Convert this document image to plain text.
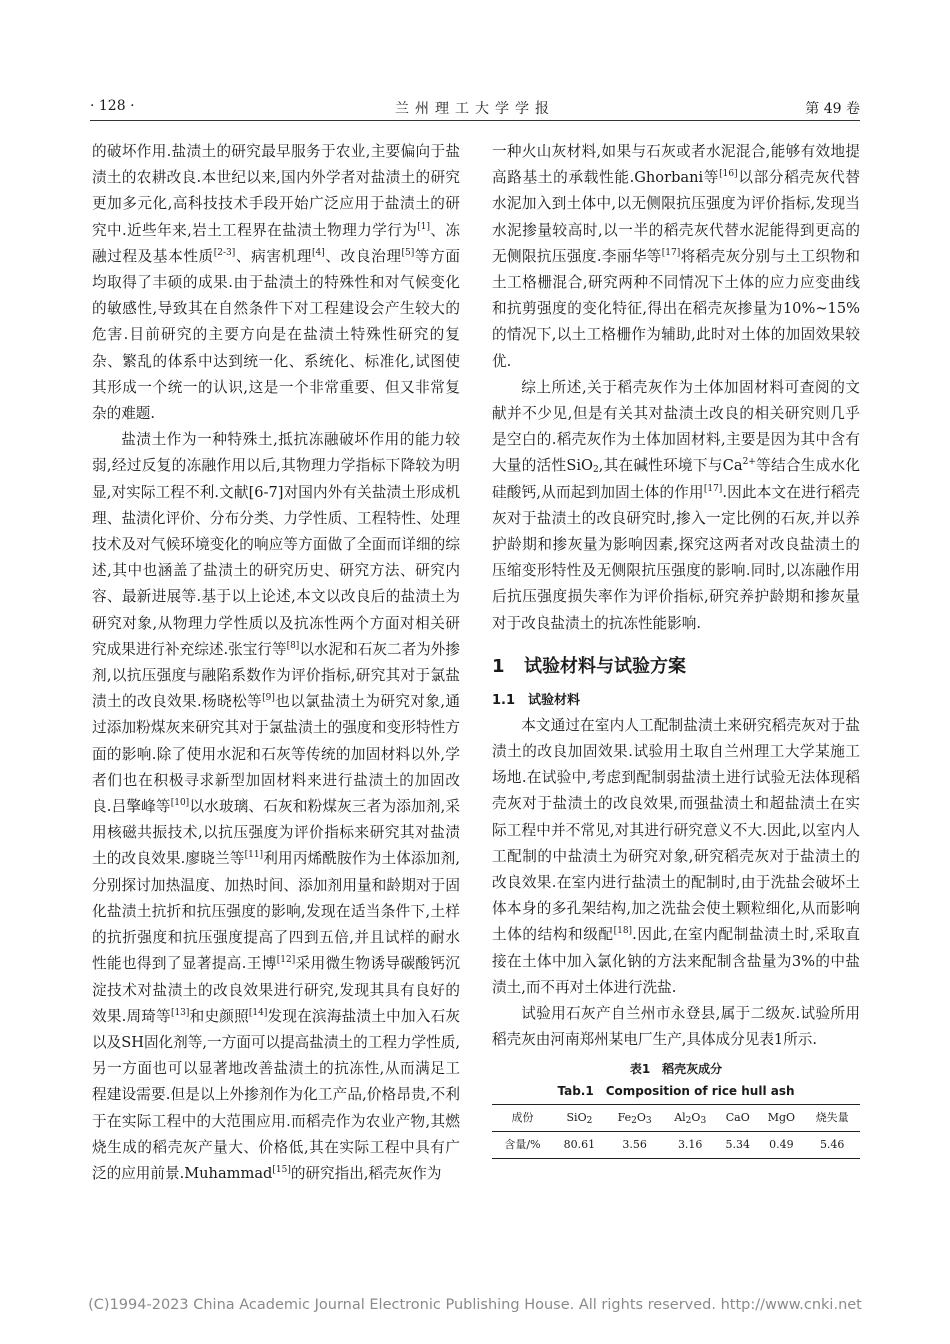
· 128 ·	兰州理工大学学报	第 49 卷

的破坏作用.盐渍土的研究最早服务于农业,主要偏向于盐渍土的农耕改良.本世纪以来,国内外学者对盐渍土的研究更加多元化,高科技技术手段开始广泛应用于盐渍土的研究中.近些年来,岩土工程界在盐渍土物理力学行为[1]、冻融过程及基本性质[2-3]、病害机理[4]、改良治理[5]等方面均取得了丰硕的成果.由于盐渍土的特殊性和对气候变化的敏感性,导致其在自然条件下对工程建设会产生较大的危害.目前研究的主要方向是在盐渍土特殊性研究的复杂、繁乱的体系中达到统一化、系统化、标准化,试图使其形成一个统一的认识,这是一个非常重要、但又非常复杂的难题.

盐渍土作为一种特殊土,抵抗冻融破坏作用的能力较弱,经过反复的冻融作用以后,其物理力学指标下降较为明显,对实际工程不利.文献[6-7]对国内外有关盐渍土形成机理、盐渍化评价、分布分类、力学性质、工程特性、处理技术及对气候环境变化的响应等方面做了全面而详细的综述,其中也涵盖了盐渍土的研究历史、研究方法、研究内容、最新进展等.基于以上论述,本文以改良后的盐渍土为研究对象,从物理力学性质以及抗冻性两个方面对相关研究成果进行补充综述.张宝行等[8]以水泥和石灰二者为外掺剂,以抗压强度与融陷系数作为评价指标,研究其对于氯盐渍土的改良效果.杨晓松等[9]也以氯盐渍土为研究对象,通过添加粉煤灰来研究其对于氯盐渍土的强度和变形特性方面的影响.除了使用水泥和石灰等传统的加固材料以外,学者们也在积极寻求新型加固材料来进行盐渍土的加固改良.吕擎峰等[10]以水玻璃、石灰和粉煤灰三者为添加剂,采用核磁共振技术,以抗压强度为评价指标来研究其对盐渍土的改良效果.廖晓兰等[11]利用丙烯酰胺作为土体添加剂,分别探讨加热温度、加热时间、添加剂用量和龄期对于固化盐渍土抗折和抗压强度的影响,发现在适当条件下,土样的抗折强度和抗压强度提高了四到五倍,并且试样的耐水性能也得到了显著提高.王博[12]采用微生物诱导碳酸钙沉淀技术对盐渍土的改良效果进行研究,发现其具有良好的效果.周琦等[13]和史颜照[14]发现在滨海盐渍土中加入石灰以及SH固化剂等,一方面可以提高盐渍土的工程力学性质,另一方面也可以显著地改善盐渍土的抗冻性,从而满足工程建设需要.但是以上外掺剂作为化工产品,价格昂贵,不利于在实际工程中的大范围应用.而稻壳作为农业产物,其燃烧生成的稻壳灰产量大、价格低,其在实际工程中具有广泛的应用前景.Muhammad[15]的研究指出,稻壳灰作为

一种火山灰材料,如果与石灰或者水泥混合,能够有效地提高路基土的承载性能.Ghorbani等[16]以部分稻壳灰代替水泥加入到土体中,以无侧限抗压强度为评价指标,发现当水泥掺量较高时,以一半的稻壳灰代替水泥能得到更高的无侧限抗压强度.李丽华等[17]将稻壳灰分别与土工织物和土工格栅混合,研究两种不同情况下土体的应力应变曲线和抗剪强度的变化特征,得出在稻壳灰掺量为10%~15%的情况下,以土工格栅作为辅助,此时对土体的加固效果较优.

综上所述,关于稻壳灰作为土体加固材料可查阅的文献并不少见,但是有关其对盐渍土改良的相关研究则几乎是空白的.稻壳灰作为土体加固材料,主要是因为其中含有大量的活性SiO$_2$,其在碱性环境下与$Ca^{2+}$等结合生成水化硅酸钙,从而起到加固土体的作用[17].因此本文在进行稻壳灰对于盐渍土的改良研究时,掺入一定比例的石灰,并以养护龄期和掺灰量为影响因素,探究这两者对改良盐渍土的压缩变形特性及无侧限抗压强度的影响.同时,以冻融作用后抗压强度损失率作为评价指标,研究养护龄期和掺灰量对于改良盐渍土的抗冻性能影响.

1 试验材料与试验方案
1.1 试验材料

本文通过在室内人工配制盐渍土来研究稻壳灰对于盐渍土的改良加固效果.试验用土取自兰州理工大学某施工场地.在试验中,考虑到配制弱盐渍土进行试验无法体现稻壳灰对于盐渍土的改良效果,而强盐渍土和超盐渍土在实际工程中并不常见,对其进行研究意义不大.因此,以室内人工配制的中盐渍土为研究对象,研究稻壳灰对于盐渍土的改良效果.在室内进行盐渍土的配制时,由于洗盐会破坏土体本身的多孔架结构,加之洗盐会使土颗粒细化,从而影响土体的结构和级配[18].因此,在室内配制盐渍土时,采取直接在土体中加入氯化钠的方法来配制含盐量为3%的中盐渍土,而不再对土体进行洗盐.

试验用石灰产自兰州市永登县,属于二级灰.试验所用稻壳灰由河南郑州某电厂生产,具体成分见表1所示.

表1　稻壳灰成分
Tab.1　Composition of rice hull ash
成份	SiO$_2$	$Fe_2O_3$	$Al_2O_3$	CaO	MgO	烧失量
含量/%	80.61	3.56	3.16	5.34	0.49	5.46
(C)1994-2023 China Academic Journal Electronic Publishing House. All rights reserved. http://www.cnki.net
